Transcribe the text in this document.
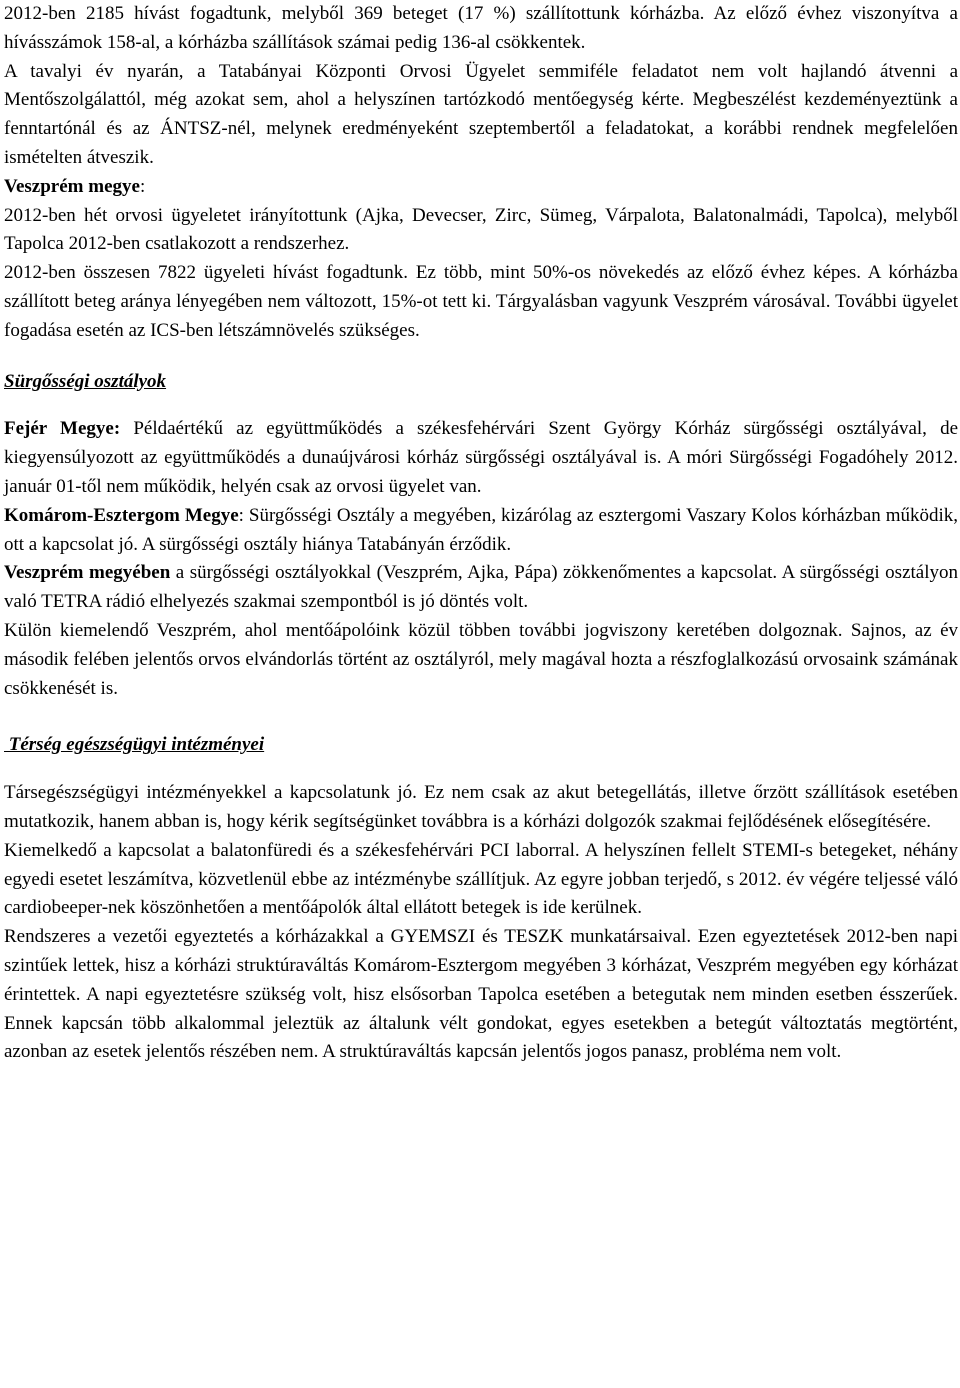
2012-ben 2185 hívást fogadtunk, melyből 369 beteget (17 %) szállítottunk kórházba. Az előző évhez viszonyítva a hívásszámok 158-al, a kórházba szállítások számai pedig 136-al csökkentek.

A tavalyi év nyarán, a Tatabányai Központi Orvosi Ügyelet semmiféle feladatot nem volt hajlandó átvenni a Mentőszolgálattól, még azokat sem, ahol a helyszínen tartózkodó mentőegység kérte. Megbeszélést kezdeményeztünk a fenntartónál és az ÁNTSZ-nél, melynek eredményeként szeptembertől a feladatokat, a korábbi rendnek megfelelően ismételten átveszik.

Veszprém megye:

2012-ben hét orvosi ügyeletet irányítottunk (Ajka, Devecser, Zirc, Sümeg, Várpalota, Balatonalmádi, Tapolca), melyből Tapolca 2012-ben csatlakozott a rendszerhez.

2012-ben összesen 7822 ügyeleti hívást fogadtunk. Ez több, mint 50%-os növekedés az előző évhez képes. A kórházba szállított beteg aránya lényegében nem változott, 15%-ot tett ki. Tárgyalásban vagyunk Veszprém városával. További ügyelet fogadása esetén az ICS-ben létszámnövelés szükséges.

Sürgősségi osztályok

Fejér Megye: Példaértékű az együttműködés a székesfehérvári Szent György Kórház sürgősségi osztályával, de kiegyensúlyozott az együttműködés a dunaújvárosi kórház sürgősségi osztályával is. A móri Sürgősségi Fogadóhely 2012. január 01-től nem működik, helyén csak az orvosi ügyelet van.

Komárom-Esztergom Megye: Sürgősségi Osztály a megyében, kizárólag az esztergomi Vaszary Kolos kórházban működik, ott a kapcsolat jó. A sürgősségi osztály hiánya Tatabányán érződik.

Veszprém megyében a sürgősségi osztályokkal (Veszprém, Ajka, Pápa) zökkenőmentes a kapcsolat. A sürgősségi osztályon való TETRA rádió elhelyezés szakmai szempontból is jó döntés volt.

Külön kiemelendő Veszprém, ahol mentőápolóink közül többen további jogviszony keretében dolgoznak. Sajnos, az év második felében jelentős orvos elvándorlás történt az osztályról, mely magával hozta a részfoglalkozású orvosaink számának csökkenését is.

Térség egészségügyi intézményei

Társegészségügyi intézményekkel a kapcsolatunk jó. Ez nem csak az akut betegellátás, illetve őrzött szállítások esetében mutatkozik, hanem abban is, hogy kérik segítségünket továbbra is a kórházi dolgozók szakmai fejlődésének elősegítésére.

Kiemelkedő a kapcsolat a balatonfüredi és a székesfehérvári PCI laborral. A helyszínen fellelt STEMI-s betegeket, néhány egyedi esetet leszámítva, közvetlenül ebbe az intézménybe szállítjuk. Az egyre jobban terjedő, s 2012. év végére teljessé váló cardiobeeper-nek köszönhetően a mentőápolók által ellátott betegek is ide kerülnek.

Rendszeres a vezetői egyeztetés a kórházakkal a GYEMSZI és TESZK munkatársaival. Ezen egyeztetések 2012-ben napi szintűek lettek, hisz a kórházi struktúraváltás Komárom-Esztergom megyében 3 kórházat, Veszprém megyében egy kórházat érintettek. A napi egyeztetésre szükség volt, hisz elsősorban Tapolca esetében a betegutak nem minden esetben ésszerűek. Ennek kapcsán több alkalommal jeleztük az általunk vélt gondokat, egyes esetekben a betegút változtatás megtörtént, azonban az esetek jelentős részében nem. A struktúraváltás kapcsán jelentős jogos panasz, probléma nem volt.
